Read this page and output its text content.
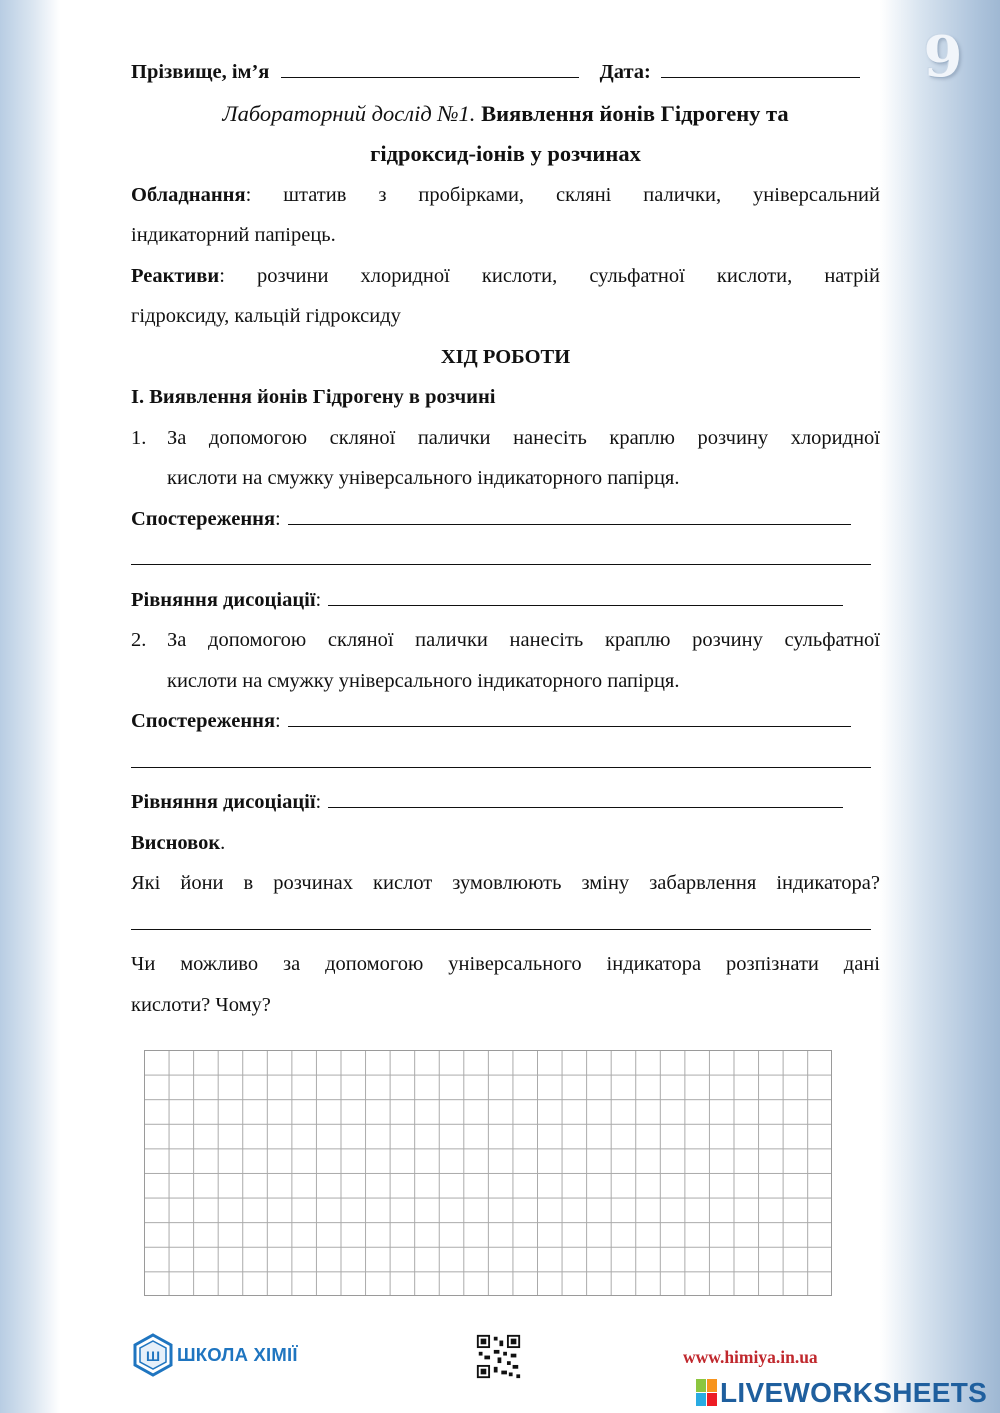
9
Прізвище, ім’я	Дата:
Лабораторний дослід №1. Виявлення йонів Гідрогену та
гідроксид-іонів у розчинах
Обладнання: штатив з пробірками, скляні палички, універсальний
індикаторний папірець.
Реактиви: розчини хлоридної кислоти, сульфатної кислоти, натрій
гідроксиду, кальцій гідроксиду
ХІД РОБОТИ
І. Виявлення йонів Гідрогену в розчині
1. За допомогою скляної палички нанесіть краплю розчину хлоридної
кислоти на смужку універсального індикаторного папірця.
Спостереження:
Рівняння дисоціації:
2. За допомогою скляної палички нанесіть краплю розчину сульфатної
кислоти на смужку універсального індикаторного папірця.
Спостереження:
Рівняння дисоціації:
Висновок.
Які йони в розчинах кислот зумовлюють зміну забарвлення індикатора?
Чи можливо за допомогою універсального індикатора розпізнати дані
кислоти? Чому?
Ш ШКОЛА ХІМІЇ	www.himiya.in.ua
LIVEWORKSHEETS
